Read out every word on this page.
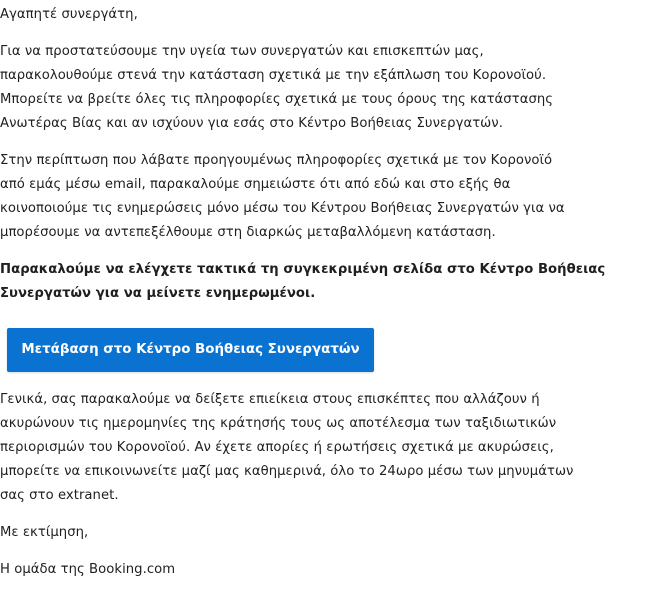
Αγαπητέ συνεργάτη,

Για να προστατεύσουμε την υγεία των συνεργατών και επισκεπτών μας,
παρακολουθούμε στενά την κατάσταση σχετικά με την εξάπλωση του Κορονοϊού.
Μπορείτε να βρείτε όλες τις πληροφορίες σχετικά με τους όρους της κατάστασης
Ανωτέρας Βίας και αν ισχύουν για εσάς στο Κέντρο Βοήθειας Συνεργατών.

Στην περίπτωση που λάβατε προηγουμένως πληροφορίες σχετικά με τον Κορονοϊό
από εμάς μέσω email, παρακαλούμε σημειώστε ότι από εδώ και στο εξής θα
κοινοποιούμε τις ενημερώσεις μόνο μέσω του Κέντρου Βοήθειας Συνεργατών για να
μπορέσουμε να αντεπεξέλθουμε στη διαρκώς μεταβαλλόμενη κατάσταση.

Παρακαλούμε να ελέγχετε τακτικά τη συγκεκριμένη σελίδα στο Κέντρο Βοήθειας
Συνεργατών για να μείνετε ενημερωμένοι.

Μετάβαση στο Κέντρο Βοήθειας Συνεργατών

Γενικά, σας παρακαλούμε να δείξετε επιείκεια στους επισκέπτες που αλλάζουν ή
ακυρώνουν τις ημερομηνίες της κράτησής τους ως αποτέλεσμα των ταξιδιωτικών
περιορισμών του Κορονοϊού. Αν έχετε απορίες ή ερωτήσεις σχετικά με ακυρώσεις,
μπορείτε να επικοινωνείτε μαζί μας καθημερινά, όλο το 24ωρο μέσω των μηνυμάτων
σας στο extranet.

Με εκτίμηση,

Η ομάδα της Booking.com
